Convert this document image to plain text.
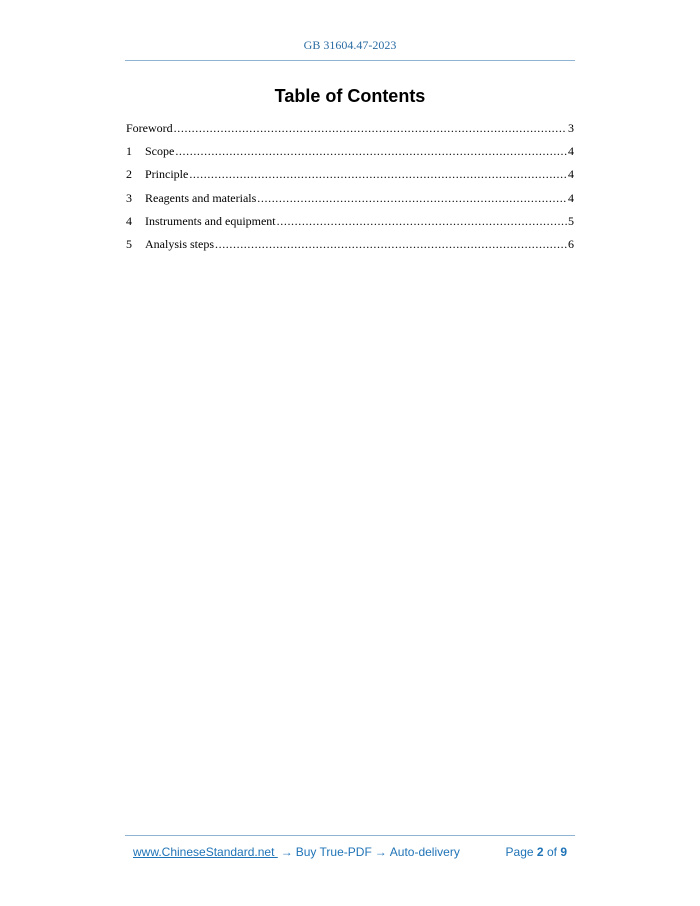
GB 31604.47-2023
Table of Contents
Foreword .....	3
1	Scope .....	4
2	Principle .....	4
3	Reagents and materials .....	4
4	Instruments and equipment .....	5
5	Analysis steps .....	6
www.ChineseStandard.net → Buy True-PDF → Auto-delivery	Page 2 of 9
